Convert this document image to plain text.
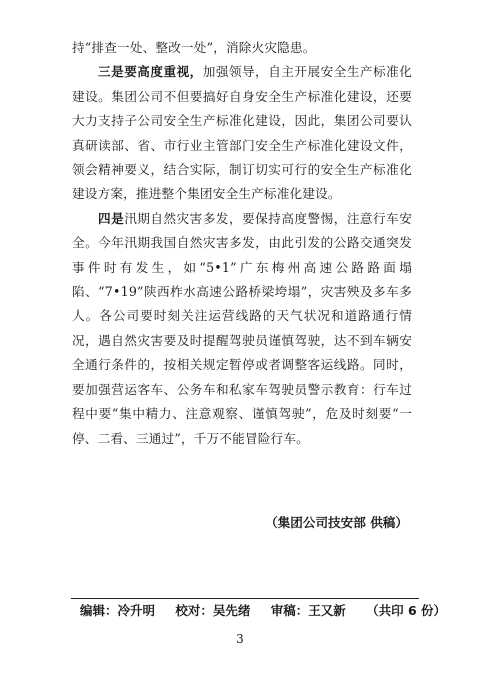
持“排查一处、整改一处”，消除火灾隐患。

三是要高度重视，加强领导，自主开展安全生产标准化建设。集团公司不但要搞好自身安全生产标准化建设，还要大力支持子公司安全生产标准化建设，因此，集团公司要认真研读部、省、市行业主管部门安全生产标准化建设文件，领会精神要义，结合实际，制订切实可行的安全生产标准化建设方案，推进整个集团安全生产标准化建设。

四是汛期自然灾害多发，要保持高度警惕，注意行车安全。今年汛期我国自然灾害多发，由此引发的公路交通突发事件时有发生，如“5•1”广东梅州高速公路路面塌陷、“7•19”陕西柞水高速公路桥梁垮塌”，灾害殃及多车多人。各公司要时刻关注运营线路的天气状况和道路通行情况，遇自然灾害要及时提醒驾驶员谨慎驾驶，达不到车辆安全通行条件的，按相关规定暂停或者调整客运线路。同时，要加强营运客车、公务车和私家车驾驶员警示教育：行车过程中要“集中精力、注意观察、谨慎驾驶”，危及时刻要“一停、二看、三通过”，千万不能冒险行车。

（集团公司技安部 供稿）
编辑：冷升明 校对：吴先绪 审稿：王又新 （共印 6 份）
3
